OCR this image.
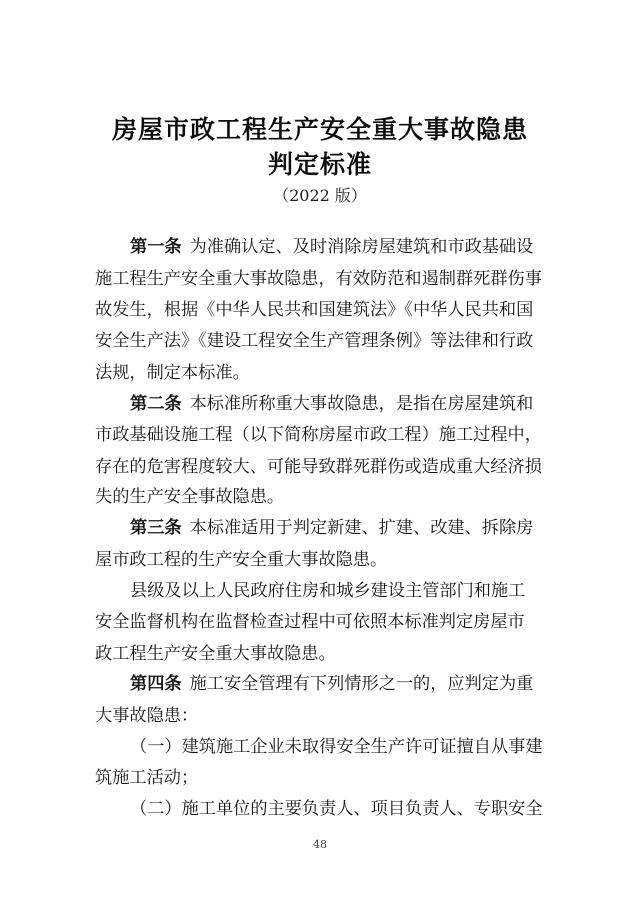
房屋市政工程生产安全重大事故隐患
判定标准
（2022 版）
第一条 为准确认定、及时消除房屋建筑和市政基础设
施工程生产安全重大事故隐患，有效防范和遏制群死群伤事
故发生，根据《中华人民共和国建筑法》《中华人民共和国
安全生产法》《建设工程安全生产管理条例》等法律和行政
法规，制定本标准。
第二条 本标准所称重大事故隐患，是指在房屋建筑和
市政基础设施工程（以下简称房屋市政工程）施工过程中，
存在的危害程度较大、可能导致群死群伤或造成重大经济损
失的生产安全事故隐患。
第三条 本标准适用于判定新建、扩建、改建、拆除房
屋市政工程的生产安全重大事故隐患。
县级及以上人民政府住房和城乡建设主管部门和施工
安全监督机构在监督检查过程中可依照本标准判定房屋市
政工程生产安全重大事故隐患。
第四条 施工安全管理有下列情形之一的，应判定为重
大事故隐患：
（一）建筑施工企业未取得安全生产许可证擅自从事建
筑施工活动；
（二）施工单位的主要负责人、项目负责人、专职安全
48
